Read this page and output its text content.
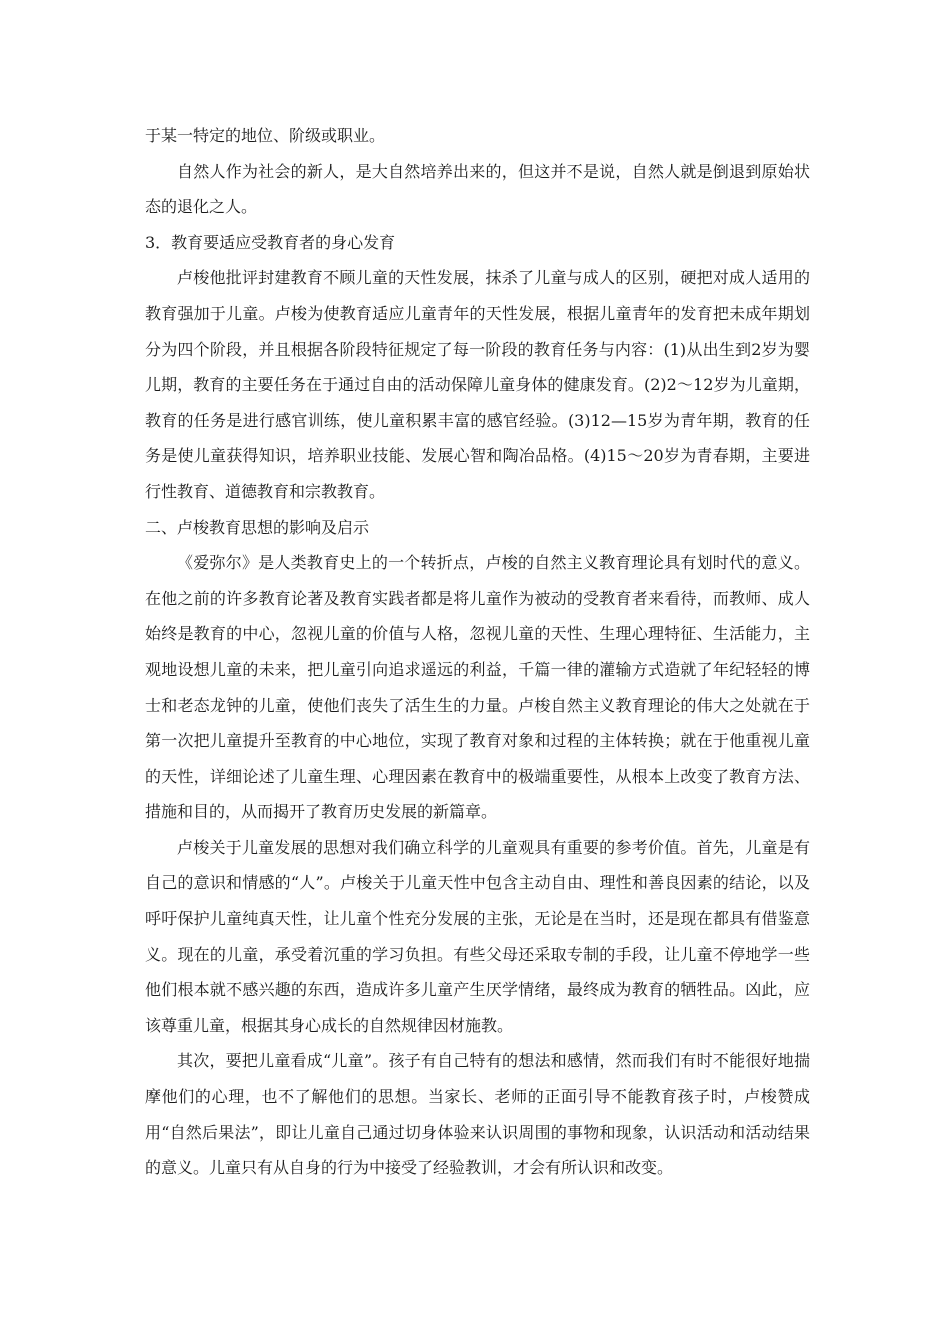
于某一特定的地位、阶级或职业。

自然人作为社会的新人，是大自然培养出来的，但这并不是说，自然人就是倒退到原始状态的退化之人。

3．教育要适应受教育者的身心发育

卢梭他批评封建教育不顾儿童的天性发展，抹杀了儿童与成人的区别，硬把对成人适用的教育强加于儿童。卢梭为使教育适应儿童青年的天性发展，根据儿童青年的发育把未成年期划分为四个阶段，并且根据各阶段特征规定了每一阶段的教育任务与内容：(1)从出生到2岁为婴儿期，教育的主要任务在于通过自由的活动保障儿童身体的健康发育。(2)2～12岁为儿童期，教育的任务是进行感官训练，使儿童积累丰富的感官经验。(3)12—15岁为青年期，教育的任务是使儿童获得知识，培养职业技能、发展心智和陶冶品格。(4)15～20岁为青春期，主要进行性教育、道德教育和宗教教育。

二、卢梭教育思想的影响及启示

《爱弥尔》是人类教育史上的一个转折点，卢梭的自然主义教育理论具有划时代的意义。在他之前的许多教育论著及教育实践者都是将儿童作为被动的受教育者来看待，而教师、成人始终是教育的中心，忽视儿童的价值与人格，忽视儿童的天性、生理心理特征、生活能力，主观地设想儿童的未来，把儿童引向追求遥远的利益，千篇一律的灌输方式造就了年纪轻轻的博士和老态龙钟的儿童，使他们丧失了活生生的力量。卢梭自然主义教育理论的伟大之处就在于第一次把儿童提升至教育的中心地位，实现了教育对象和过程的主体转换；就在于他重视儿童的天性，详细论述了儿童生理、心理因素在教育中的极端重要性，从根本上改变了教育方法、措施和目的，从而揭开了教育历史发展的新篇章。

卢梭关于儿童发展的思想对我们确立科学的儿童观具有重要的参考价值。首先，儿童是有自己的意识和情感的“人”。卢梭关于儿童天性中包含主动自由、理性和善良因素的结论，以及呼吁保护儿童纯真天性，让儿童个性充分发展的主张，无论是在当时，还是现在都具有借鉴意义。现在的儿童，承受着沉重的学习负担。有些父母还采取专制的手段，让儿童不停地学一些他们根本就不感兴趣的东西，造成许多儿童产生厌学情绪，最终成为教育的牺牲品。凶此，应该尊重儿童，根据其身心成长的自然规律因材施教。

其次，要把儿童看成“儿童”。孩子有自己特有的想法和感情，然而我们有时不能很好地揣摩他们的心理，也不了解他们的思想。当家长、老师的正面引导不能教育孩子时，卢梭赞成用“自然后果法”，即让儿童自己通过切身体验来认识周围的事物和现象，认识活动和活动结果的意义。儿童只有从自身的行为中接受了经验教训，才会有所认识和改变。
